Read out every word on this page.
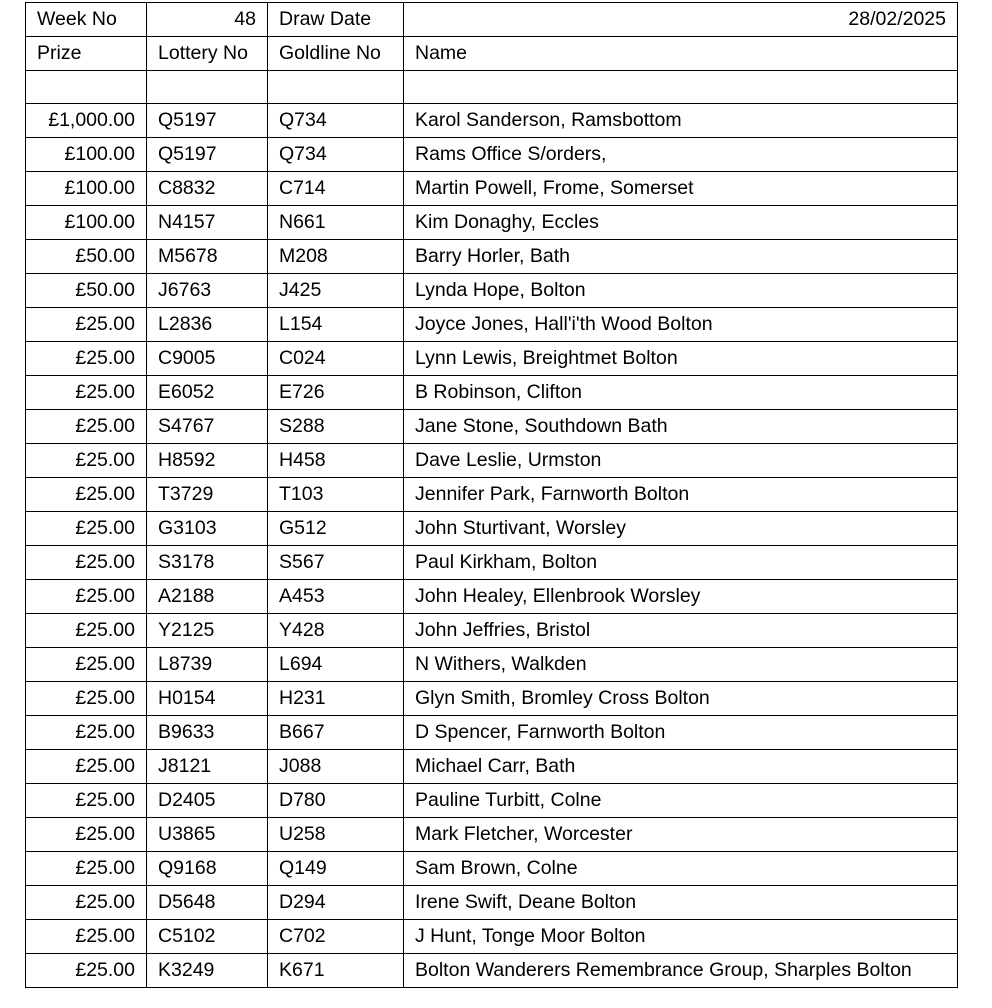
Week No	48	Draw Date	28/02/2025
Prize	Lottery No	Goldline No	Name

£1,000.00	Q5197	Q734	Karol Sanderson, Ramsbottom
£100.00	Q5197	Q734	Rams Office S/orders,
£100.00	C8832	C714	Martin Powell, Frome, Somerset
£100.00	N4157	N661	Kim Donaghy, Eccles
£50.00	M5678	M208	Barry Horler, Bath
£50.00	J6763	J425	Lynda Hope, Bolton
£25.00	L2836	L154	Joyce Jones, Hall'i'th Wood Bolton
£25.00	C9005	C024	Lynn Lewis, Breightmet Bolton
£25.00	E6052	E726	B Robinson, Clifton
£25.00	S4767	S288	Jane Stone, Southdown Bath
£25.00	H8592	H458	Dave Leslie, Urmston
£25.00	T3729	T103	Jennifer Park, Farnworth Bolton
£25.00	G3103	G512	John Sturtivant, Worsley
£25.00	S3178	S567	Paul Kirkham, Bolton
£25.00	A2188	A453	John Healey, Ellenbrook Worsley
£25.00	Y2125	Y428	John Jeffries, Bristol
£25.00	L8739	L694	N Withers, Walkden
£25.00	H0154	H231	Glyn Smith, Bromley Cross Bolton
£25.00	B9633	B667	D Spencer, Farnworth Bolton
£25.00	J8121	J088	Michael Carr, Bath
£25.00	D2405	D780	Pauline Turbitt, Colne
£25.00	U3865	U258	Mark Fletcher, Worcester
£25.00	Q9168	Q149	Sam Brown, Colne
£25.00	D5648	D294	Irene Swift, Deane Bolton
£25.00	C5102	C702	J Hunt, Tonge Moor Bolton
£25.00	K3249	K671	Bolton Wanderers Remembrance Group, Sharples Bolton
